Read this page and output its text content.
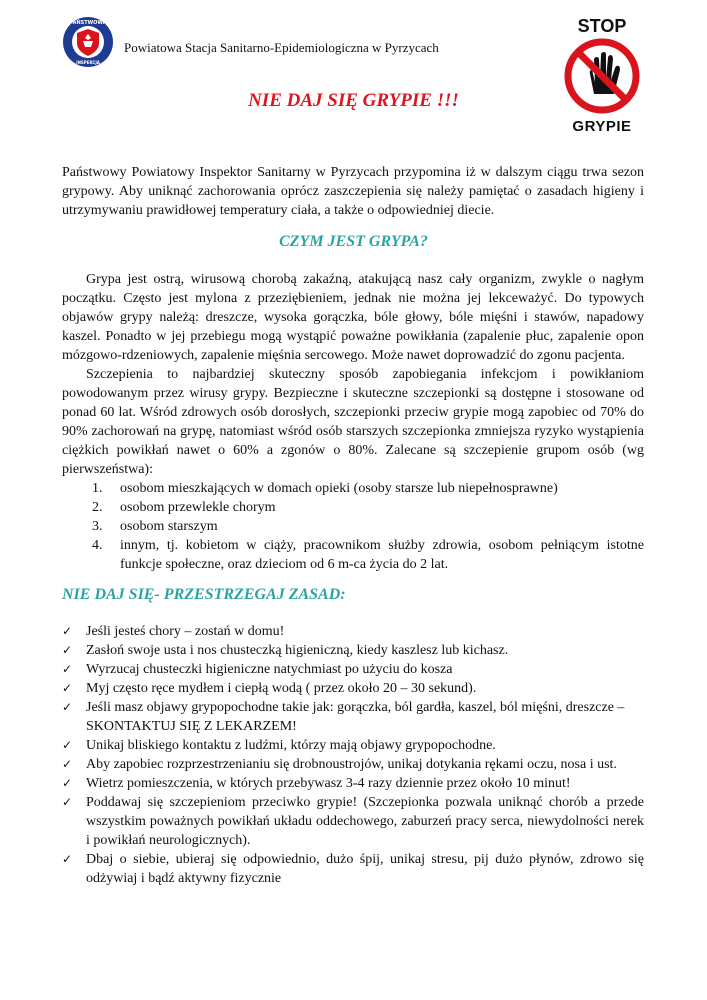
PAŃSTWOWA
INSPEKCJA
Powiatowa Stacja Sanitarno-Epidemiologiczna w Pyrzycach
STOP
GRYPIE
NIE DAJ SIĘ GRYPIE !!!
Państwowy Powiatowy Inspektor Sanitarny w Pyrzycach przypomina iż w dalszym ciągu trwa sezon grypowy. Aby uniknąć zachorowania oprócz zaszczepienia się należy pamiętać o zasadach higieny i utrzymywaniu prawidłowej temperatury ciała, a także o odpowiedniej diecie.
CZYM JEST GRYPA?

Grypa jest ostrą, wirusową chorobą zakaźną, atakującą nasz cały organizm, zwykle o nagłym początku. Często jest mylona z przeziębieniem, jednak nie można jej lekceważyć. Do typowych objawów grypy należą: dreszcze, wysoka gorączka, bóle głowy, bóle mięśni i stawów, napadowy kaszel. Ponadto w jej przebiegu mogą wystąpić poważne powikłania (zapalenie płuc, zapalenie opon mózgowo-rdzeniowych, zapalenie mięśnia sercowego. Może nawet doprowadzić do zgonu pacjenta.

Szczepienia to najbardziej skuteczny sposób zapobiegania infekcjom i powikłaniom powodowanym przez wirusy grypy. Bezpieczne i skuteczne szczepionki są dostępne i stosowane od ponad 60 lat. Wśród zdrowych osób dorosłych, szczepionki przeciw grypie mogą zapobiec od 70% do 90% zachorowań na grypę, natomiast wśród osób starszych szczepionka zmniejsza ryzyko wystąpienia ciężkich powikłań nawet o 60% a zgonów o 80%. Zalecane są szczepienie grupom osób (wg pierwszeństwa):

1. osobom mieszkających w domach opieki (osoby starsze lub niepełnosprawne)
2. osobom przewlekle chorym
3. osobom starszym
4. innym, tj. kobietom w ciąży, pracownikom służby zdrowia, osobom pełniącym istotne funkcje społeczne, oraz dzieciom od 6 m-ca życia do 2 lat.
NIE DAJ SIĘ- PRZESTRZEGAJ ZASAD:
✓ Jeśli jesteś chory – zostań w domu!
✓ Zasłoń swoje usta i nos chusteczką higieniczną, kiedy kaszlesz lub kichasz.
✓ Wyrzucaj chusteczki higieniczne natychmiast po użyciu do kosza
✓ Myj często ręce mydłem i ciepłą wodą ( przez około 20 – 30 sekund).
✓ Jeśli masz objawy grypopochodne takie jak: gorączka, ból gardła, kaszel, ból mięśni, dreszcze –
SKONTAKTUJ SIĘ Z LEKARZEM!
✓ Unikaj bliskiego kontaktu z ludźmi, którzy mają objawy grypopochodne.
✓ Aby zapobiec rozprzestrzenianiu się drobnoustrojów, unikaj dotykania rękami oczu, nosa i ust.
✓ Wietrz pomieszczenia, w których przebywasz 3-4 razy dziennie przez około 10 minut!
✓ Poddawaj się szczepieniom przeciwko grypie! (Szczepionka pozwala uniknąć chorób a przede wszystkim poważnych powikłań układu oddechowego, zaburzeń pracy serca, niewydolności nerek i powikłań neurologicznych).
✓ Dbaj o siebie, ubieraj się odpowiednio, dużo śpij, unikaj stresu, pij dużo płynów, zdrowo się odżywiaj i bądź aktywny fizycznie
